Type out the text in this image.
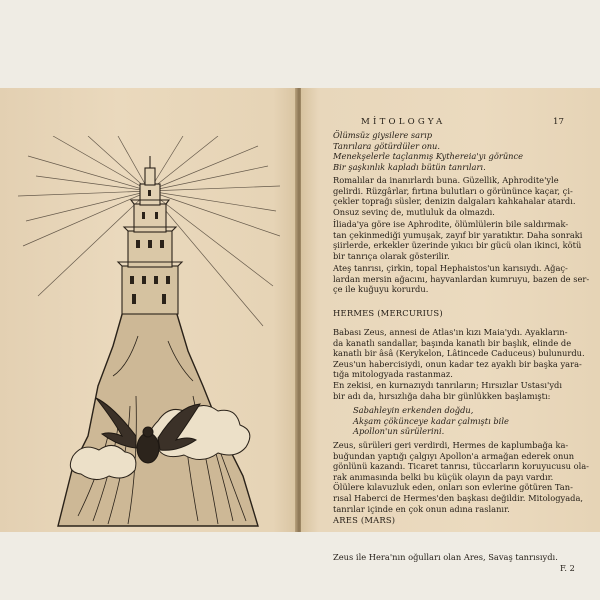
MİTOLOGYA	17
Ölümsüz giysilere sarıp
Tanrılara götürdüler onu.
Menekşelerle taçlanmış Kythereia'yı görünce
Bir şaşkınlık kapladı bütün tanrıları.
Romalılar da inanırlardı buna. Güzellik, Aphrodite'yle
gelirdi. Rüzgârlar, fırtına bulutları o görününce kaçar, çi-
çekler toprağı süsler, denizin dalgaları kahkahalar atardı.
Onsuz sevinç de, mutluluk da olmazdı.
İliada'ya göre ise Aphrodite, ölümlülerin bile saldırmak-
tan çekinmediği yumuşak, zayıf bir yaratıktır. Daha sonraki
şiirlerde, erkekler üzerinde yıkıcı bir gücü olan ikinci, kötü
bir tanrıça olarak gösterilir.
Ateş tanrısı, çirkin, topal Hephaistos'un karısıydı. Ağaç-
lardan mersin ağacını, hayvanlardan kumruyu, bazen de ser-
çe ile kuğuyu korurdu.
HERMES (MERCURIUS)
Babası Zeus, annesi de Atlas'ın kızı Maia'ydı. Ayakların-
da kanatlı sandallar, başında kanatlı bir başlık, elinde de
kanatlı bir âsâ (Kerykelon, Lâtincede Caduceus) bulunurdu.
Zeus'un habercisiydi, onun kadar tez ayaklı bir başka yara-
tığa mitologyada rastanmaz.
En zekisi, en kurnazıydı tanrıların; Hırsızlar Ustası'ydı
bir adı da, hırsızlığa daha bir günlükken başlamıştı:
Sabahleyin erkenden doğdu,
Akşam çökünceye kadar çalmıştı bile
Apollon'un sürülerini.
Zeus, sürüleri geri verdirdi, Hermes de kaplumbağa ka-
buğundan yaptığı çalgıyı Apollon'a armağan ederek onun
gönlünü kazandı. Ticaret tanrısı, tüccarların koruyucusu ola-
rak anımasında belki bu küçük olayın da payı vardır.
Ölülere kılavuzluk eden, onları son evlerine götüren Tan-
rısal Haberci de Hermes'den başkası değildir. Mitologyada,
tanrılar içinde en çok onun adına raslanır.
ARES (MARS)
Zeus ile Hera'nın oğulları olan Ares, Savaş tanrısıydı.
F. 2
